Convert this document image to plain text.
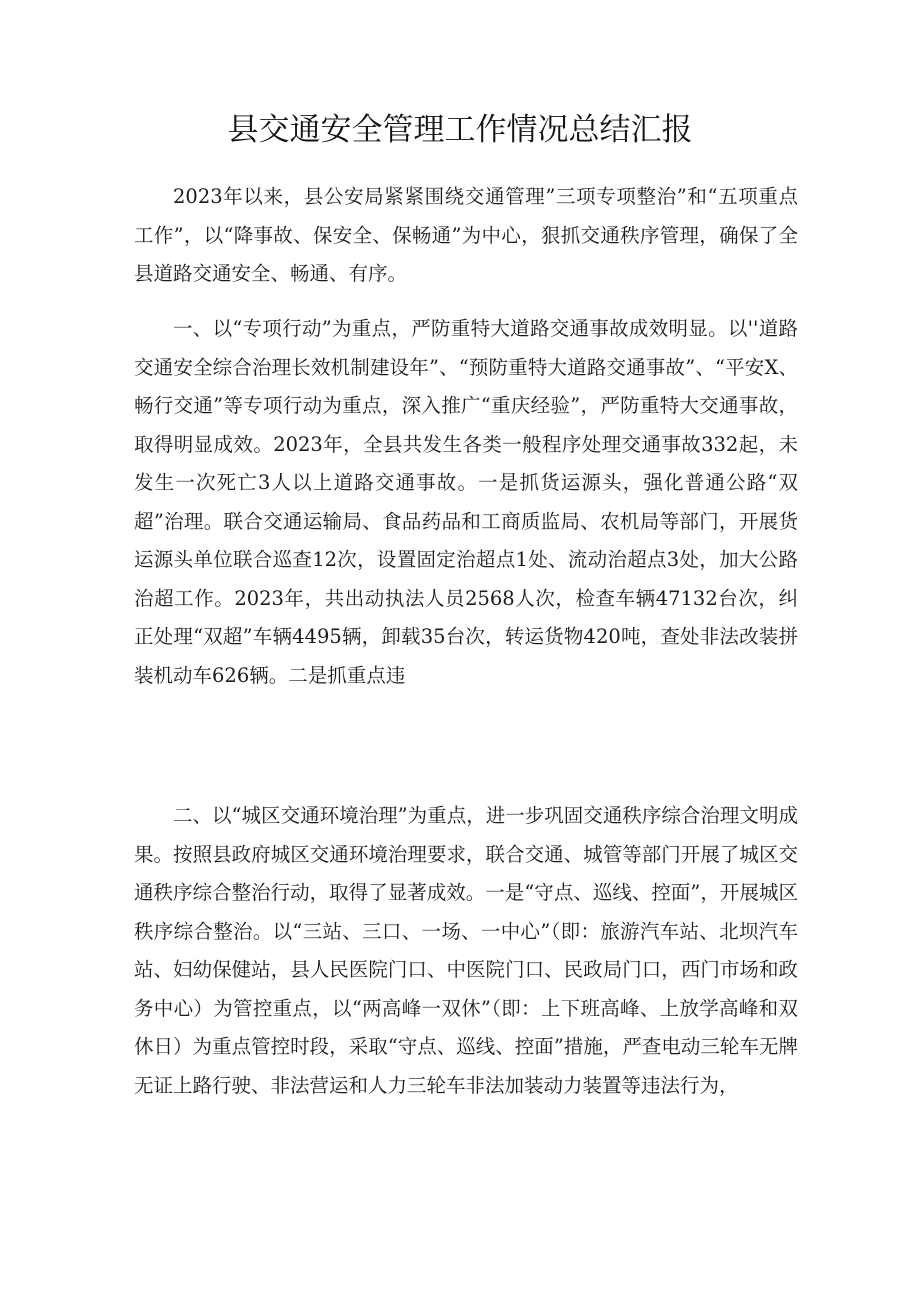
县交通安全管理工作情况总结汇报

2023年以来，县公安局紧紧围绕交通管理”三项专项整治”和“五项重点工作”，以“降事故、保安全、保畅通”为中心，狠抓交通秩序管理，确保了全县道路交通安全、畅通、有序。

一、以“专项行动”为重点，严防重特大道路交通事故成效明显。以''道路交通安全综合治理长效机制建设年”、“预防重特大道路交通事故”、“平安X、畅行交通”等专项行动为重点，深入推广“重庆经验”，严防重特大交通事故，取得明显成效。2023年，全县共发生各类一般程序处理交通事故332起，未发生一次死亡3人以上道路交通事故。一是抓货运源头，强化普通公路“双超”治理。联合交通运输局、食品药品和工商质监局、农机局等部门，开展货运源头单位联合巡查12次，设置固定治超点1处、流动治超点3处，加大公路治超工作。2023年，共出动执法人员2568人次，检查车辆47132台次，纠正处理“双超”车辆4495辆，卸载35台次，转运货物420吨，查处非法改装拼装机动车626辆。二是抓重点违

二、以“城区交通环境治理”为重点，进一步巩固交通秩序综合治理文明成果。按照县政府城区交通环境治理要求，联合交通、城管等部门开展了城区交通秩序综合整治行动，取得了显著成效。一是“守点、巡线、控面”，开展城区秩序综合整治。以“三站、三口、一场、一中心”（即：旅游汽车站、北坝汽车站、妇幼保健站，县人民医院门口、中医院门口、民政局门口，西门市场和政务中心）为管控重点，以“两高峰一双休”（即：上下班高峰、上放学高峰和双休日）为重点管控时段，采取“守点、巡线、控面”措施，严查电动三轮车无牌无证上路行驶、非法营运和人力三轮车非法加装动力装置等违法行为，
